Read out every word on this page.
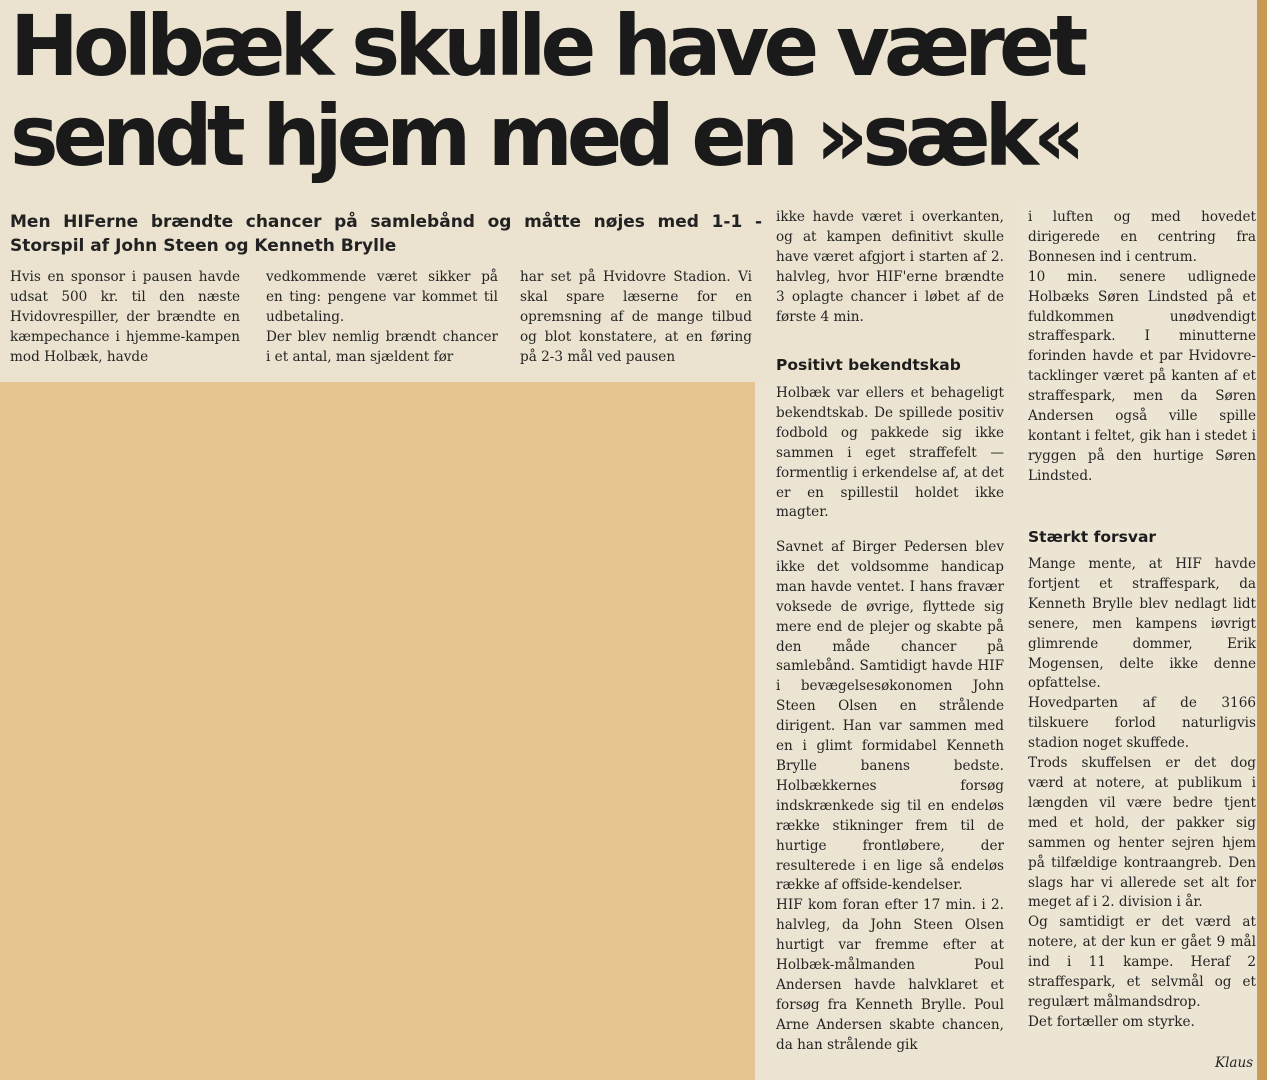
Holbæk skulle have været
sendt hjem med en »sæk«

Men HIFerne brændte chancer på samlebånd og måtte nøjes med 1-1 - Storspil af John Steen og Kenneth Brylle

Hvis en sponsor i pausen havde udsat 500 kr. til den næste Hvidovrespiller, der brændte en kæmpechance i hjemme-kampen mod Holbæk, havde

vedkommende været sikker på en ting: pengene var kommet til udbetaling.
Der blev nemlig brændt chancer i et antal, man sjældent før

har set på Hvidovre Stadion. Vi skal spare læserne for en opremsning af de mange tilbud og blot konstatere, at en føring på 2-3 mål ved pausen

ikke havde været i overkanten, og at kampen definitivt skulle have været afgjort i starten af 2. halvleg, hvor HIF'erne brændte 3 oplagte chancer i løbet af de første 4 min.

Positivt bekendtskab

Holbæk var ellers et behageligt bekendtskab. De spillede positiv fodbold og pakkede sig ikke sammen i eget straffefelt — formentlig i erkendelse af, at det er en spillestil holdet ikke magter.

Savnet af Birger Pedersen blev ikke det voldsomme handicap man havde ventet. I hans fravær voksede de øvrige, flyttede sig mere end de plejer og skabte på den måde chancer på samlebånd. Samtidigt havde HIF i bevægelsesøkonomen John Steen Olsen en strålende dirigent. Han var sammen med en i glimt formidabel Kenneth Brylle banens bedste. Holbækkernes forsøg indskrænkede sig til en endeløs række stikninger frem til de hurtige frontløbere, der resulterede i en lige så endeløs række af offside-kendelser.
HIF kom foran efter 17 min. i 2. halvleg, da John Steen Olsen hurtigt var fremme efter at Holbæk-målmanden Poul Andersen havde halvklaret et forsøg fra Kenneth Brylle. Poul Arne Andersen skabte chancen, da han strålende gik

i luften og med hovedet dirigerede en centring fra Bonnesen ind i centrum.
10 min. senere udlignede Holbæks Søren Lindsted på et fuldkommen unødvendigt straffespark. I minutterne forinden havde et par Hvidovre-tacklinger været på kanten af et straffespark, men da Søren Andersen også ville spille kontant i feltet, gik han i stedet i ryggen på den hurtige Søren Lindsted.

Stærkt forsvar

Mange mente, at HIF havde fortjent et straffespark, da Kenneth Brylle blev nedlagt lidt senere, men kampens iøvrigt glimrende dommer, Erik Mogensen, delte ikke denne opfattelse.
Hovedparten af de 3166 tilskuere forlod naturligvis stadion noget skuffede.
Trods skuffelsen er det dog værd at notere, at publikum i længden vil være bedre tjent med et hold, der pakker sig sammen og henter sejren hjem på tilfældige kontraangreb. Den slags har vi allerede set alt for meget af i 2. division i år.
Og samtidigt er det værd at notere, at der kun er gået 9 mål ind i 11 kampe. Heraf 2 straffespark, et selvmål og et regulært målmandsdrop.
Det fortæller om styrke.

Klaus
